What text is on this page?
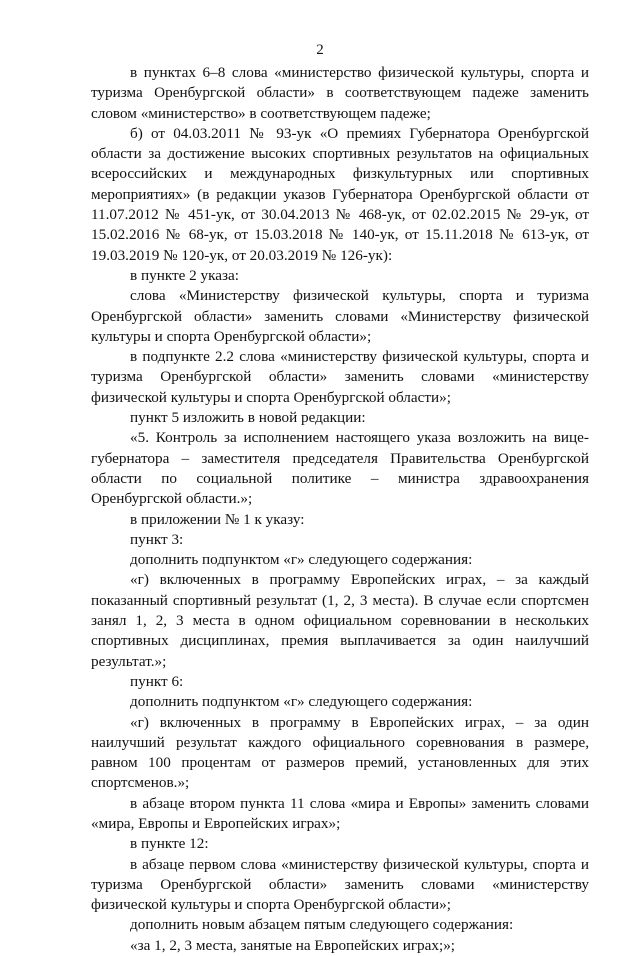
2

в пунктах 6–8 слова «министерство физической культуры, спорта и туризма Оренбургской области» в соответствующем падеже заменить словом «министерство» в соответствующем падеже;

б) от 04.03.2011 № 93-ук «О премиях Губернатора Оренбургской области за достижение высоких спортивных результатов на официальных всероссийских и международных физкультурных или спортивных мероприятиях» (в редакции указов Губернатора Оренбургской области от 11.07.2012 № 451-ук, от 30.04.2013 № 468-ук, от 02.02.2015 № 29-ук, от 15.02.2016 № 68-ук, от 15.03.2018 № 140-ук, от 15.11.2018 № 613-ук, от 19.03.2019 № 120-ук, от 20.03.2019 № 126-ук):

в пункте 2 указа:

слова «Министерству физической культуры, спорта и туризма Оренбургской области» заменить словами «Министерству физической культуры и спорта Оренбургской области»;

в подпункте 2.2 слова «министерству физической культуры, спорта и туризма Оренбургской области» заменить словами «министерству физической культуры и спорта Оренбургской области»;

пункт 5 изложить в новой редакции:

«5. Контроль за исполнением настоящего указа возложить на вице-губернатора – заместителя председателя Правительства Оренбургской области по социальной политике – министра здравоохранения Оренбургской области.»;

в приложении № 1 к указу:

пункт 3:

дополнить подпунктом «г» следующего содержания:

«г) включенных в программу Европейских играх, – за каждый показанный спортивный результат (1, 2, 3 места). В случае если спортсмен занял 1, 2, 3 места в одном официальном соревновании в нескольких спортивных дисциплинах, премия выплачивается за один наилучший результат.»;

пункт 6:

дополнить подпунктом «г» следующего содержания:

«г) включенных в программу в Европейских играх, – за один наилучший результат каждого официального соревнования в размере, равном 100 процентам от размеров премий, установленных для этих спортсменов.»;

в абзаце втором пункта 11 слова «мира и Европы» заменить словами «мира, Европы и Европейских играх»;

в пункте 12:

в абзаце первом слова «министерству физической культуры, спорта и туризма Оренбургской области» заменить словами «министерству физической культуры и спорта Оренбургской области»;

дополнить новым абзацем пятым следующего содержания:

«за 1, 2, 3 места, занятые на Европейских играх;»;
